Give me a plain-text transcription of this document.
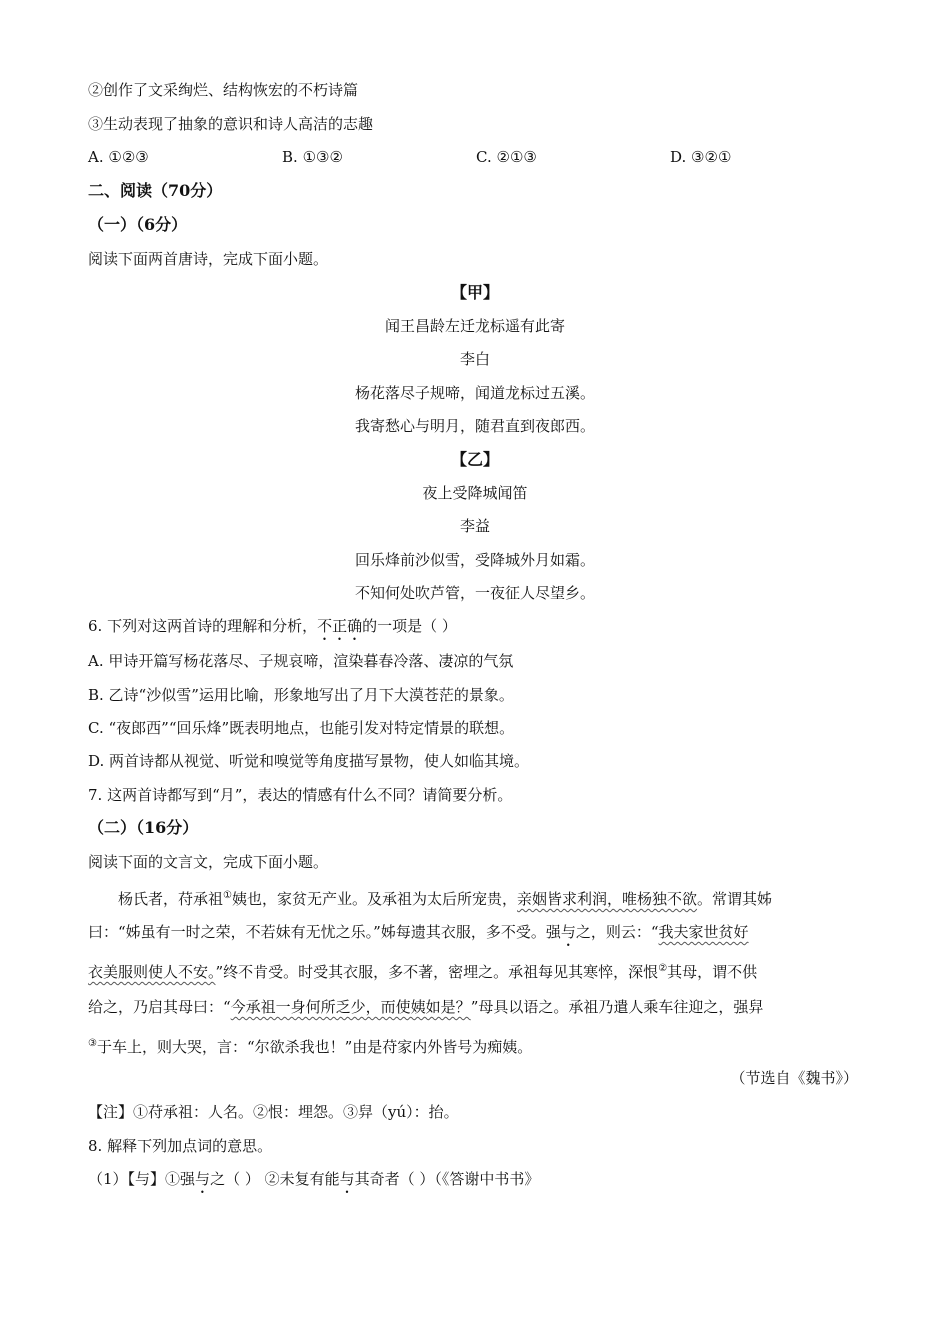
②创作了文采绚烂、结构恢宏的不朽诗篇
③生动表现了抽象的意识和诗人高洁的志趣
A. ①②③	B. ①③②	C. ②①③	D. ③②①
二、阅读（70分）
（一）（6分）
阅读下面两首唐诗，完成下面小题。
【甲】
闻王昌龄左迁龙标遥有此寄
李白
杨花落尽子规啼，闻道龙标过五溪。
我寄愁心与明月，随君直到夜郎西。
【乙】
夜上受降城闻笛
李益
回乐烽前沙似雪，受降城外月如霜。
不知何处吹芦管，一夜征人尽望乡。
6. 下列对这两首诗的理解和分析，不正确的一项是（ ）
A. 甲诗开篇写杨花落尽、子规哀啼，渲染暮春冷落、凄凉的气氛
B. 乙诗“沙似雪”运用比喻，形象地写出了月下大漠苍茫的景象。
C. “夜郎西”“回乐烽”既表明地点，也能引发对特定情景的联想。
D. 两首诗都从视觉、听觉和嗅觉等角度描写景物，使人如临其境。
7. 这两首诗都写到“月”，表达的情感有什么不同？请简要分析。
（二）（16分）
阅读下面的文言文，完成下面小题。
杨氏者，苻承祖①姨也，家贫无产业。及承祖为太后所宠贵，亲姻皆求利润，唯杨独不欲。常谓其姊
曰：“姊虽有一时之荣，不若妹有无忧之乐。”姊每遗其衣服，多不受。强与之，则云：“我夫家世贫好
衣美服则使人不安。”终不肯受。时受其衣服，多不著，密埋之。承祖每见其寒悴，深恨②其母，谓不供
给之，乃启其母曰：“今承祖一身何所乏少，而使姨如是？”母具以语之。承祖乃遣人乘车往迎之，强舁
③于车上，则大哭，言：“尔欲杀我也！”由是苻家内外皆号为痴姨。
（节选自《魏书》）
【注】①苻承祖：人名。②恨：埋怨。③舁（yú）：抬。
8. 解释下列加点词的意思。
（1）【与】①强与之（ ） ②未复有能与其奇者（ ）（《答谢中书书》
